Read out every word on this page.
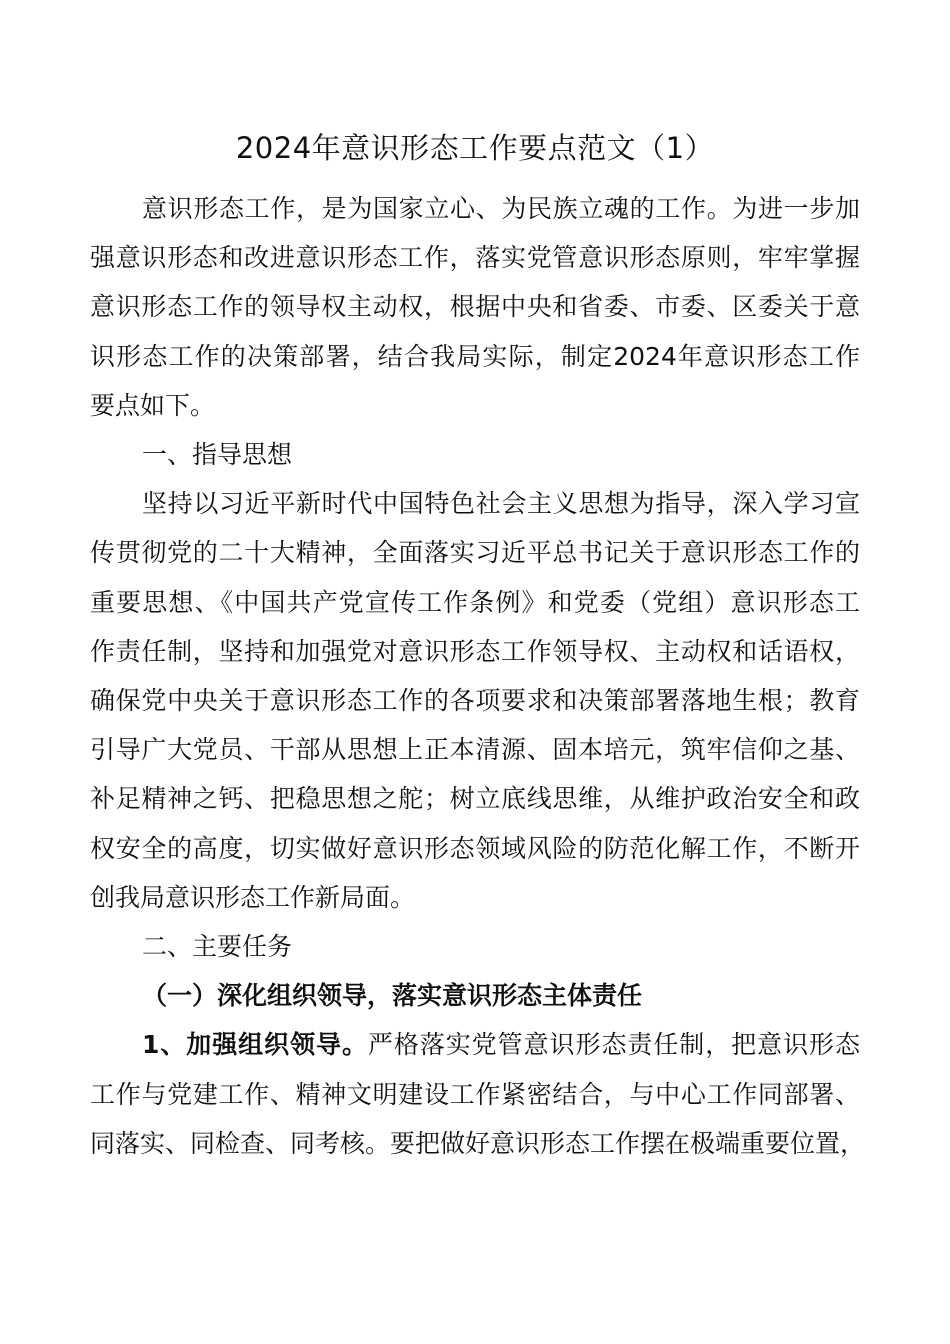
2024年意识形态工作要点范文（1）
意识形态工作，是为国家立心、为民族立魂的工作。为进一步加
强意识形态和改进意识形态工作，落实党管意识形态原则，牢牢掌握
意识形态工作的领导权主动权，根据中央和省委、市委、区委关于意
识形态工作的决策部署，结合我局实际，制定2024年意识形态工作
要点如下。
一、指导思想
坚持以习近平新时代中国特色社会主义思想为指导，深入学习宣
传贯彻党的二十大精神，全面落实习近平总书记关于意识形态工作的
重要思想、《中国共产党宣传工作条例》和党委（党组）意识形态工
作责任制，坚持和加强党对意识形态工作领导权、主动权和话语权，
确保党中央关于意识形态工作的各项要求和决策部署落地生根；教育
引导广大党员、干部从思想上正本清源、固本培元，筑牢信仰之基、
补足精神之钙、把稳思想之舵；树立底线思维，从维护政治安全和政
权安全的高度，切实做好意识形态领域风险的防范化解工作，不断开
创我局意识形态工作新局面。
二、主要任务
（一）深化组织领导，落实意识形态主体责任
1、加强组织领导。严格落实党管意识形态责任制，把意识形态
工作与党建工作、精神文明建设工作紧密结合，与中心工作同部署、
同落实、同检查、同考核。要把做好意识形态工作摆在极端重要位置，
